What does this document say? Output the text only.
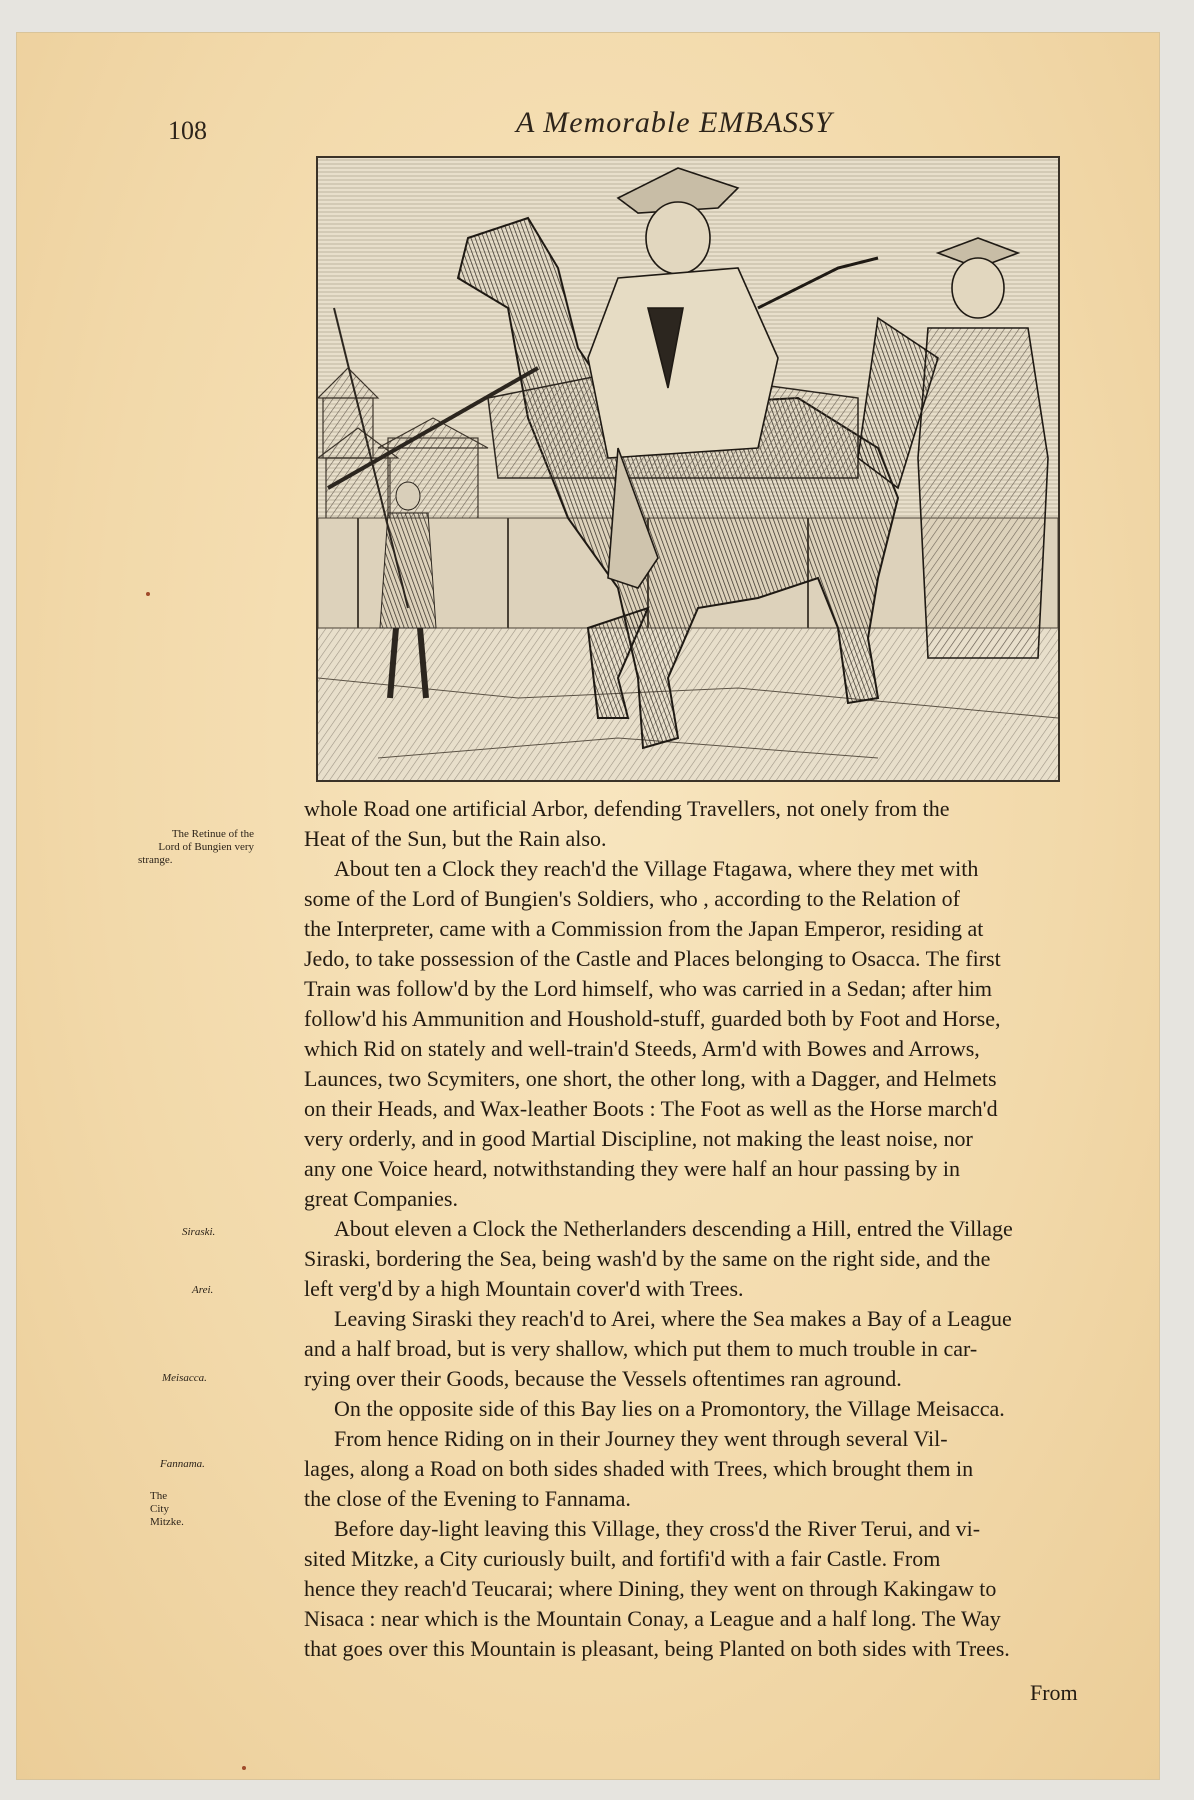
108	A Memorable EMBASSY
The Retinue of the
Lord of Bungien very
strange.
Siraski.
Arei.
Meisacca.
Fannama.
The City Mitzke.
whole Road one artificial Arbor, defending Travellers, not onely from the
Heat of the Sun, but the Rain also.
About ten a Clock they reach'd the Village Ftagawa, where they met with
some of the Lord of Bungien's Soldiers, who , according to the Relation of
the Interpreter, came with a Commission from the Japan Emperor, residing at
Jedo, to take possession of the Castle and Places belonging to Osacca. The first
Train was follow'd by the Lord himself, who was carried in a Sedan; after him
follow'd his Ammunition and Houshold-stuff, guarded both by Foot and Horse,
which Rid on stately and well-train'd Steeds, Arm'd with Bowes and Arrows,
Launces, two Scymiters, one short, the other long, with a Dagger, and Helmets
on their Heads, and Wax-leather Boots : The Foot as well as the Horse march'd
very orderly, and in good Martial Discipline, not making the least noise, nor
any one Voice heard, notwithstanding they were half an hour passing by in
great Companies.
About eleven a Clock the Netherlanders descending a Hill, entred the Village
Siraski, bordering the Sea, being wash'd by the same on the right side, and the
left verg'd by a high Mountain cover'd with Trees.
Leaving Siraski they reach'd to Arei, where the Sea makes a Bay of a League
and a half broad, but is very shallow, which put them to much trouble in car-
rying over their Goods, because the Vessels oftentimes ran aground.
On the opposite side of this Bay lies on a Promontory, the Village Meisacca.
From hence Riding on in their Journey they went through several Vil-
lages, along a Road on both sides shaded with Trees, which brought them in
the close of the Evening to Fannama.
Before day-light leaving this Village, they cross'd the River Terui, and vi-
sited Mitzke, a City curiously built, and fortifi'd with a fair Castle. From
hence they reach'd Teucarai; where Dining, they went on through Kakingaw to
Nisaca : near which is the Mountain Conay, a League and a half long. The Way
that goes over this Mountain is pleasant, being Planted on both sides with Trees.
From
